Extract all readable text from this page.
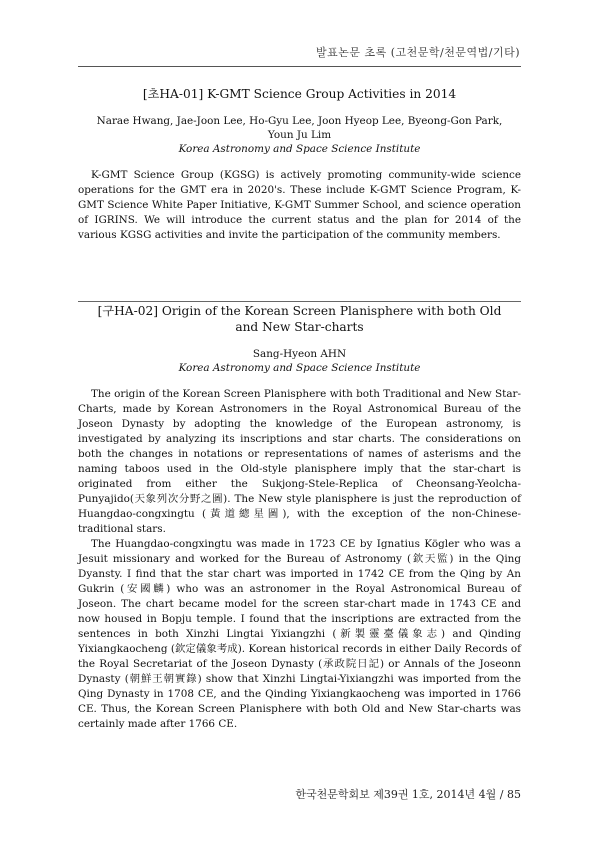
발표논문 초록 (고천문학/천문역법/기타)
[초HA-01] K-GMT Science Group Activities in 2014

Narae Hwang, Jae-Joon Lee, Ho-Gyu Lee, Joon Hyeop Lee, Byeong-Gon Park,
Youn Ju Lim

Korea Astronomy and Space Science Institute

K-GMT Science Group (KGSG) is actively promoting community-wide science operations for the GMT era in 2020's. These include K-GMT Science Program, K-GMT Science White Paper Initiative, K-GMT Summer School, and science operation of IGRINS. We will introduce the current status and the plan for 2014 of the various KGSG activities and invite the participation of the community members.

[구HA-02] Origin of the Korean Screen Planisphere with both Old
and New Star-charts

Sang-Hyeon AHN

Korea Astronomy and Space Science Institute

The origin of the Korean Screen Planisphere with both Traditional and New Star-Charts, made by Korean Astronomers in the Royal Astronomical Bureau of the Joseon Dynasty by adopting the knowledge of the European astronomy, is investigated by analyzing its inscriptions and star charts. The considerations on both the changes in notations or representations of names of asterisms and the naming taboos used in the Old-style planisphere imply that the star-chart is originated from either the Sukjong-Stele-Replica of Cheonsang-Yeolcha-Punyajido(天象列次分野之圖). The New style planisphere is just the reproduction of Huangdao-congxingtu (黃道總星圖), with the exception of the non-Chinese-traditional stars.

The Huangdao-congxingtu was made in 1723 CE by Ignatius Kögler who was a Jesuit missionary and worked for the Bureau of Astronomy (欽天監) in the Qing Dyansty. I find that the star chart was imported in 1742 CE from the Qing by An Gukrin (安國麟) who was an astronomer in the Royal Astronomical Bureau of Joseon. The chart became model for the screen star-chart made in 1743 CE and now housed in Bopju temple. I found that the inscriptions are extracted from the sentences in both Xinzhi Lingtai Yixiangzhi (新製靈臺儀象志) and Qinding Yixiangkaocheng (欽定儀象考成). Korean historical records in either Daily Records of the Royal Secretariat of the Joseon Dynasty (承政院日記) or Annals of the Joseonn Dynasty (朝鮮王朝實錄) show that Xinzhi Lingtai-Yixiangzhi was imported from the Qing Dynasty in 1708 CE, and the Qinding Yixiangkaocheng was imported in 1766 CE. Thus, the Korean Screen Planisphere with both Old and New Star-charts was certainly made after 1766 CE.

한국천문학회보 제39권 1호, 2014년 4월 / 85
